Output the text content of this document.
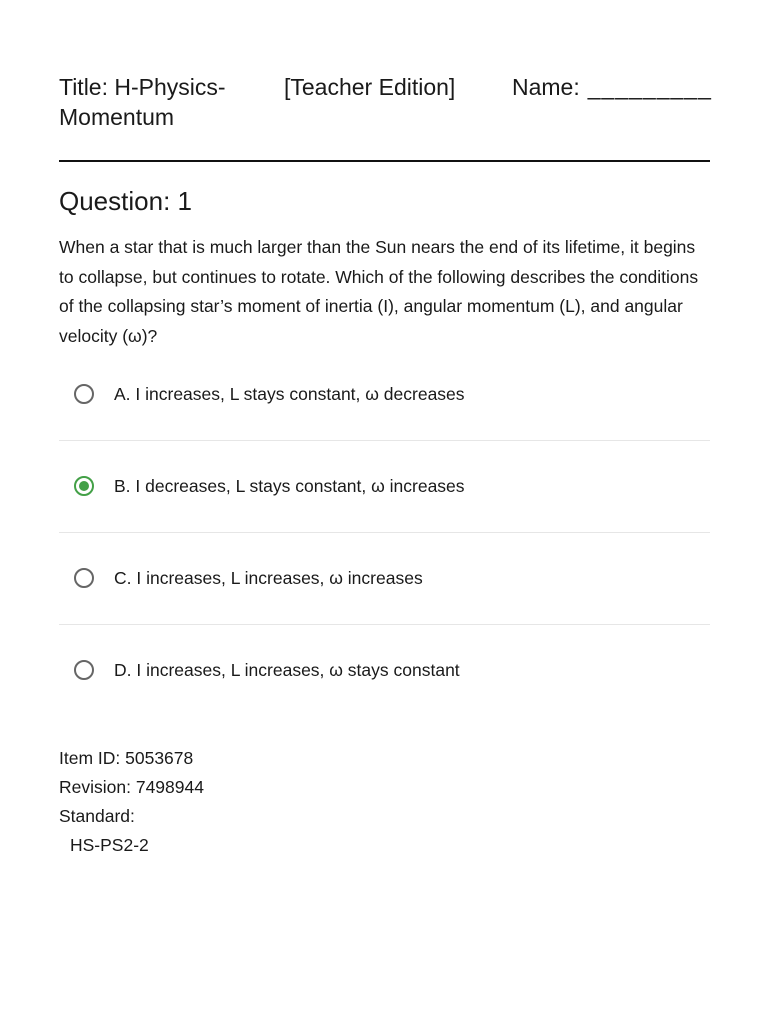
Title: H-Physics-Momentum
[Teacher Edition] Name: _________
Question: 1
When a star that is much larger than the Sun nears the end of its lifetime, it begins to collapse, but continues to rotate. Which of the following describes the conditions of the collapsing star’s moment of inertia (I), angular momentum (L), and angular velocity (ω)?
A. I increases, L stays constant, ω decreases
B. I decreases, L stays constant, ω increases
C. I increases, L increases, ω increases
D. I increases, L increases, ω stays constant
Item ID: 5053678
Revision: 7498944
Standard:
HS-PS2-2
